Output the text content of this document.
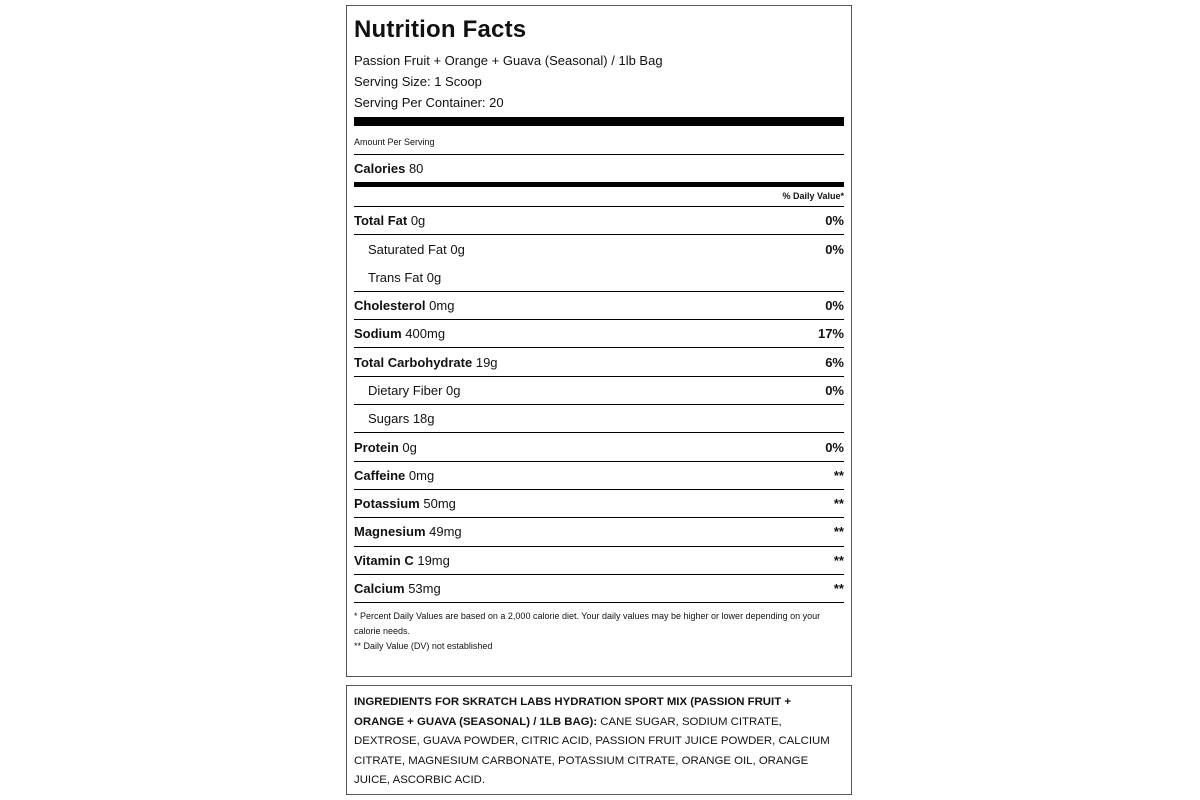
Nutrition Facts
Passion Fruit + Orange + Guava (Seasonal) / 1lb Bag
Serving Size: 1 Scoop
Serving Per Container: 20
Amount Per Serving
Calories 80
% Daily Value*
Total Fat 0g	0%
Saturated Fat 0g	0%
Trans Fat 0g
Cholesterol 0mg	0%
Sodium 400mg	17%
Total Carbohydrate 19g	6%
Dietary Fiber 0g	0%
Sugars 18g
Protein 0g	0%
Caffeine 0mg	**
Potassium 50mg	**
Magnesium 49mg	**
Vitamin C 19mg	**
Calcium 53mg	**
* Percent Daily Values are based on a 2,000 calorie diet. Your daily values may be higher or lower depending on your calorie needs.
** Daily Value (DV) not established
INGREDIENTS FOR SKRATCH LABS HYDRATION SPORT MIX (PASSION FRUIT + ORANGE + GUAVA (SEASONAL) / 1LB BAG): CANE SUGAR, SODIUM CITRATE, DEXTROSE, GUAVA POWDER, CITRIC ACID, PASSION FRUIT JUICE POWDER, CALCIUM CITRATE, MAGNESIUM CARBONATE, POTASSIUM CITRATE, ORANGE OIL, ORANGE JUICE, ASCORBIC ACID.
